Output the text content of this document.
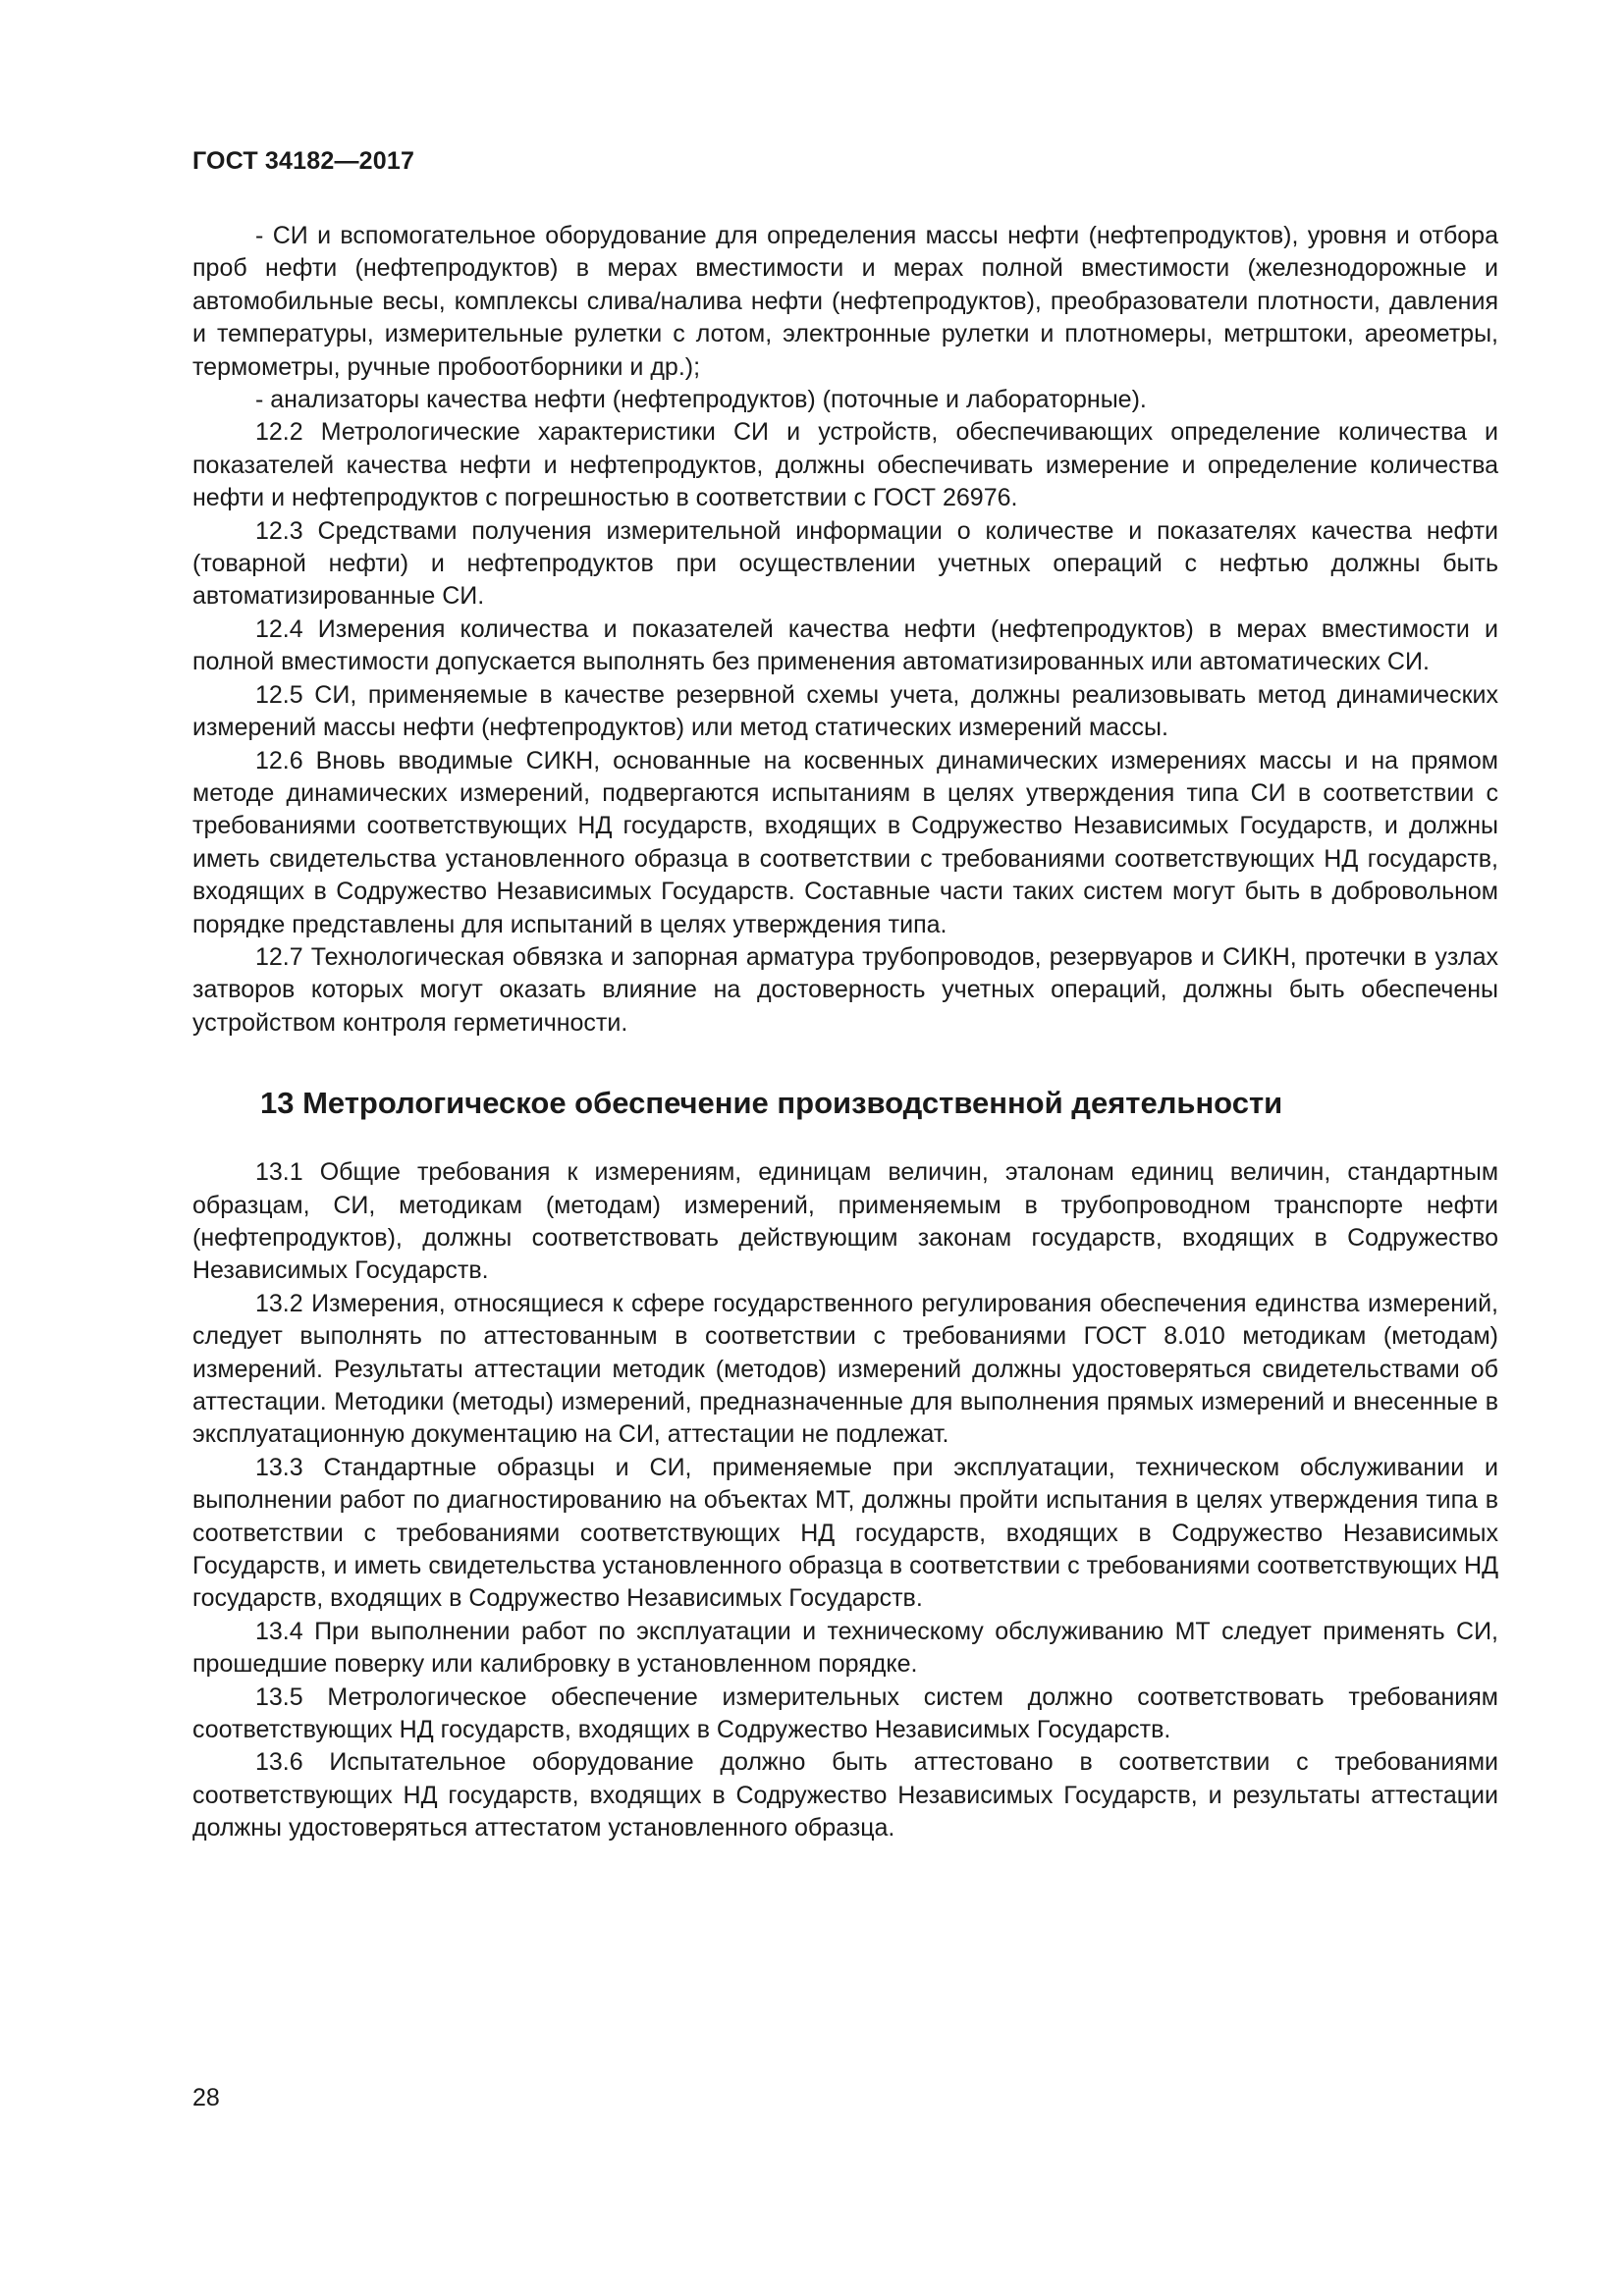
ГОСТ 34182—2017

- СИ и вспомогательное оборудование для определения массы нефти (нефтепродуктов), уровня и отбора проб нефти (нефтепродуктов) в мерах вместимости и мерах полной вместимости (железнодорожные и автомобильные весы, комплексы слива/налива нефти (нефтепродуктов), преобразователи плотности, давления и температуры, измерительные рулетки с лотом, электронные рулетки и плотномеры, метрштоки, ареометры, термометры, ручные пробоотборники и др.);

- анализаторы качества нефти (нефтепродуктов) (поточные и лабораторные).

12.2 Метрологические характеристики СИ и устройств, обеспечивающих определение количества и показателей качества нефти и нефтепродуктов, должны обеспечивать измерение и определение количества нефти и нефтепродуктов с погрешностью в соответствии с ГОСТ 26976.

12.3 Средствами получения измерительной информации о количестве и показателях качества нефти (товарной нефти) и нефтепродуктов при осуществлении учетных операций с нефтью должны быть автоматизированные СИ.

12.4 Измерения количества и показателей качества нефти (нефтепродуктов) в мерах вместимости и полной вместимости допускается выполнять без применения автоматизированных или автоматических СИ.

12.5 СИ, применяемые в качестве резервной схемы учета, должны реализовывать метод динамических измерений массы нефти (нефтепродуктов) или метод статических измерений массы.

12.6 Вновь вводимые СИКН, основанные на косвенных динамических измерениях массы и на прямом методе динамических измерений, подвергаются испытаниям в целях утверждения типа СИ в соответствии с требованиями соответствующих НД государств, входящих в Содружество Независимых Государств, и должны иметь свидетельства установленного образца в соответствии с требованиями соответствующих НД государств, входящих в Содружество Независимых Государств. Составные части таких систем могут быть в добровольном порядке представлены для испытаний в целях утверждения типа.

12.7 Технологическая обвязка и запорная арматура трубопроводов, резервуаров и СИКН, протечки в узлах затворов которых могут оказать влияние на достоверность учетных операций, должны быть обеспечены устройством контроля герметичности.

13 Метрологическое обеспечение производственной деятельности

13.1 Общие требования к измерениям, единицам величин, эталонам единиц величин, стандартным образцам, СИ, методикам (методам) измерений, применяемым в трубопроводном транспорте нефти (нефтепродуктов), должны соответствовать действующим законам государств, входящих в Содружество Независимых Государств.

13.2 Измерения, относящиеся к сфере государственного регулирования обеспечения единства измерений, следует выполнять по аттестованным в соответствии с требованиями ГОСТ 8.010 методикам (методам) измерений. Результаты аттестации методик (методов) измерений должны удостоверяться свидетельствами об аттестации. Методики (методы) измерений, предназначенные для выполнения прямых измерений и внесенные в эксплуатационную документацию на СИ, аттестации не подлежат.

13.3 Стандартные образцы и СИ, применяемые при эксплуатации, техническом обслуживании и выполнении работ по диагностированию на объектах МТ, должны пройти испытания в целях утверждения типа в соответствии с требованиями соответствующих НД государств, входящих в Содружество Независимых Государств, и иметь свидетельства установленного образца в соответствии с требованиями соответствующих НД государств, входящих в Содружество Независимых Государств.

13.4 При выполнении работ по эксплуатации и техническому обслуживанию МТ следует применять СИ, прошедшие поверку или калибровку в установленном порядке.

13.5 Метрологическое обеспечение измерительных систем должно соответствовать требованиям соответствующих НД государств, входящих в Содружество Независимых Государств.

13.6 Испытательное оборудование должно быть аттестовано в соответствии с требованиями соответствующих НД государств, входящих в Содружество Независимых Государств, и результаты аттестации должны удостоверяться аттестатом установленного образца.

28
